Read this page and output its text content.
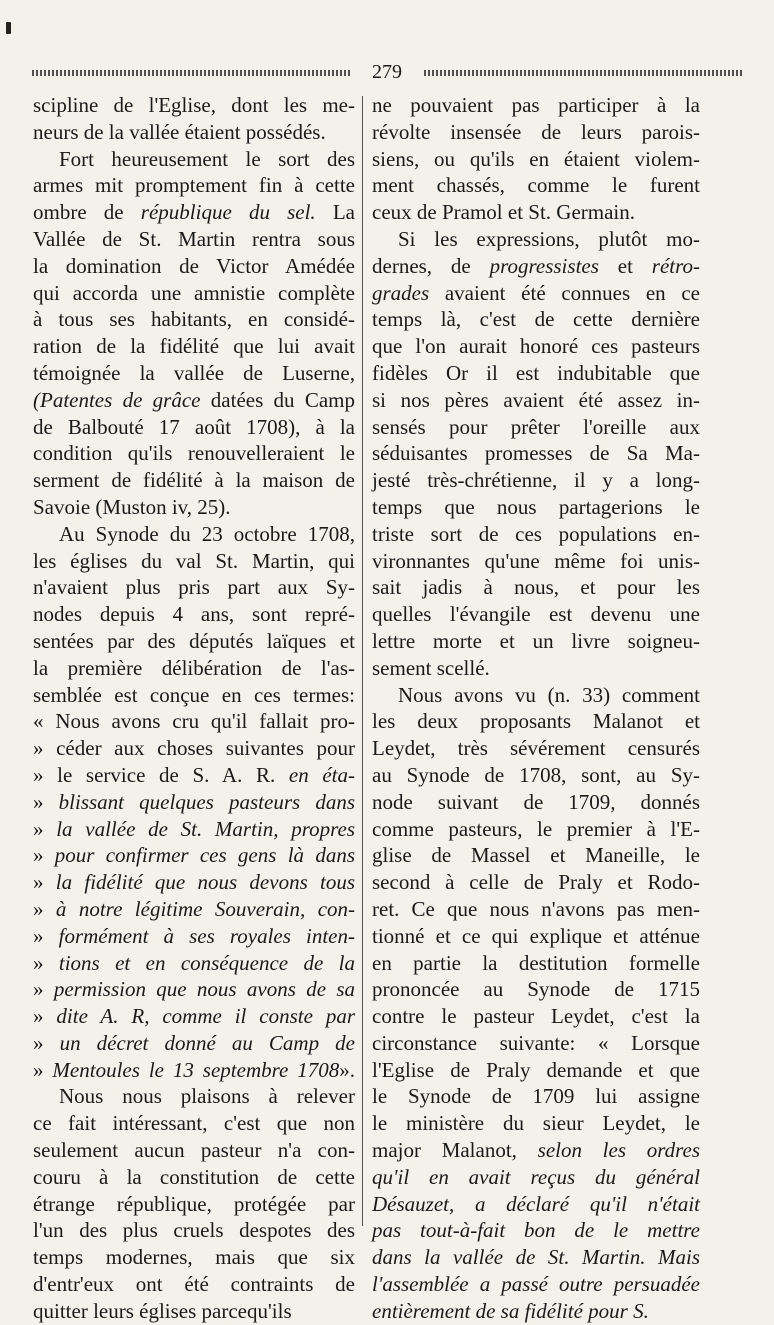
279
scipline de l'Eglise, dont les me-
neurs de la vallée étaient possédés.
Fort heureusement le sort des
armes mit promptement fin à cette
ombre de république du sel. La
Vallée de St. Martin rentra sous
la domination de Victor Amédée
qui accorda une amnistie complète
à tous ses habitants, en considé-
ration de la fidélité que lui avait
témoignée la vallée de Luserne,
(Patentes de grâce datées du Camp
de Balbouté 17 août 1708), à la
condition qu'ils renouvelleraient le
serment de fidélité à la maison de
Savoie (Muston iv, 25).
Au Synode du 23 octobre 1708,
les églises du val St. Martin, qui
n'avaient plus pris part aux Sy-
nodes depuis 4 ans, sont repré-
sentées par des députés laïques et
la première délibération de l'as-
semblée est conçue en ces termes:
« Nous avons cru qu'il fallait pro-
» céder aux choses suivantes pour
» le service de S. A. R. en éta-
» blissant quelques pasteurs dans
» la vallée de St. Martin, propres
» pour confirmer ces gens là dans
» la fidélité que nous devons tous
» à notre légitime Souverain, con-
» formément à ses royales inten-
» tions et en conséquence de la
» permission que nous avons de sa
» dite A. R, comme il conste par
» un décret donné au Camp de
» Mentoules le 13 septembre 1708».
Nous nous plaisons à relever
ce fait intéressant, c'est que non
seulement aucun pasteur n'a con-
couru à la constitution de cette
étrange république, protégée par
l'un des plus cruels despotes des
temps modernes, mais que six
d'entr'eux ont été contraints de
quitter leurs églises parcequ'ils
ne pouvaient pas participer à la
révolte insensée de leurs parois-
siens, ou qu'ils en étaient violem-
ment chassés, comme le furent
ceux de Pramol et St. Germain.
Si les expressions, plutôt mo-
dernes, de progressistes et rétro-
grades avaient été connues en ce
temps là, c'est de cette dernière
que l'on aurait honoré ces pasteurs
fidèles Or il est indubitable que
si nos pères avaient été assez in-
sensés pour prêter l'oreille aux
séduisantes promesses de Sa Ma-
jesté très-chrétienne, il y a long-
temps que nous partagerions le
triste sort de ces populations en-
vironnantes qu'une même foi unis-
sait jadis à nous, et pour les
quelles l'évangile est devenu une
lettre morte et un livre soigneu-
sement scellé.
Nous avons vu (n. 33) comment
les deux proposants Malanot et
Leydet, très sévérement censurés
au Synode de 1708, sont, au Sy-
node suivant de 1709, donnés
comme pasteurs, le premier à l'E-
glise de Massel et Maneille, le
second à celle de Praly et Rodo-
ret. Ce que nous n'avons pas men-
tionné et ce qui explique et atténue
en partie la destitution formelle
prononcée au Synode de 1715
contre le pasteur Leydet, c'est la
circonstance suivante: « Lorsque
l'Eglise de Praly demande et que
le Synode de 1709 lui assigne
le ministère du sieur Leydet, le
major Malanot, selon les ordres
qu'il en avait reçus du général
Désauzet, a déclaré qu'il n'était
pas tout-à-fait bon de le mettre
dans la vallée de St. Martin. Mais
l'assemblée a passé outre persuadée
entièrement de sa fidélité pour S.
